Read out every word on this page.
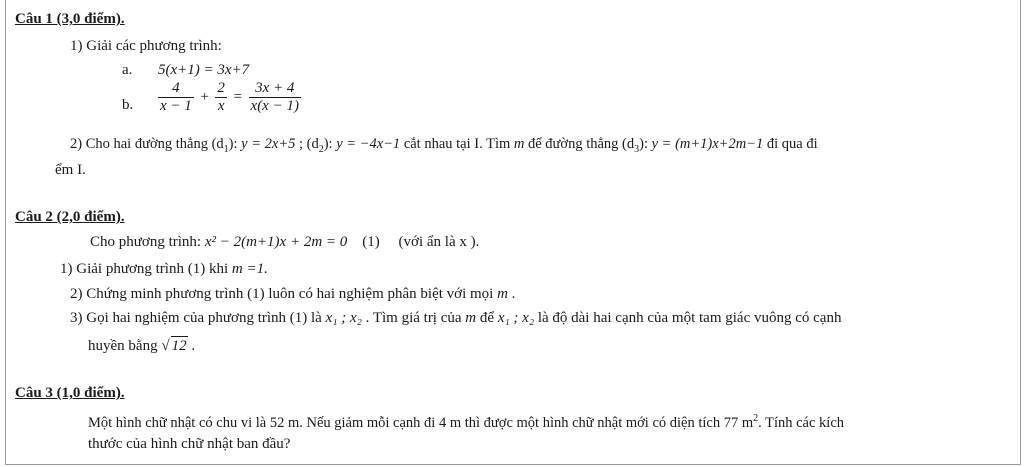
Câu 1 (3,0 điểm).
1) Giải các phương trình:
a. 5(x+1) = 3x+7
b. $\frac{4}{x - 1} + \frac{2}{x} = \frac{3x + 4}{x(x - 1)}$
2) Cho hai đường thẳng $(d_1)$: y = 2x+5 ; $(d_2)$: y = −4x−1 cắt nhau tại I. Tìm m để đường thẳng $(d_3)$: y = (m+1)x+2m−1 đi qua đi
ểm I.
Câu 2 (2,0 điểm).
Cho phương trình: x² − 2(m+1)x + 2m = 0 (1) (với ẩn là x ).
1) Giải phương trình (1) khi m =1.
2) Chứng minh phương trình (1) luôn có hai nghiệm phân biệt với mọi m .
3) Gọi hai nghiệm của phương trình (1) là x₁ ; x₂ . Tìm giá trị của m để x₁ ; x₂ là độ dài hai cạnh của một tam giác vuông có cạnh
huyền bằng √ 12 .
Câu 3 (1,0 điểm).
Một hình chữ nhật có chu vi là 52 m. Nếu giảm mỗi cạnh đi 4 m thì được một hình chữ nhật mới có diện tích 77 $m^2$. Tính các kích
thước của hình chữ nhật ban đầu?
